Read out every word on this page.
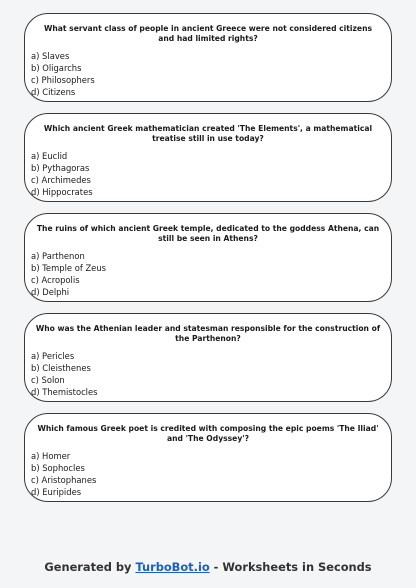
What servant class of people in ancient Greece were not considered citizens and had limited rights?

a) Slaves

b) Oligarchs

c) Philosophers

d) Citizens

Which ancient Greek mathematician created 'The Elements', a mathematical treatise still in use today?

a) Euclid

b) Pythagoras

c) Archimedes

d) Hippocrates

The ruins of which ancient Greek temple, dedicated to the goddess Athena, can still be seen in Athens?

a) Parthenon

b) Temple of Zeus

c) Acropolis

d) Delphi

Who was the Athenian leader and statesman responsible for the construction of the Parthenon?

a) Pericles

b) Cleisthenes

c) Solon

d) Themistocles

Which famous Greek poet is credited with composing the epic poems 'The Iliad' and 'The Odyssey'?

a) Homer

b) Sophocles

c) Aristophanes

d) Euripides

Generated by TurboBot.io - Worksheets in Seconds
